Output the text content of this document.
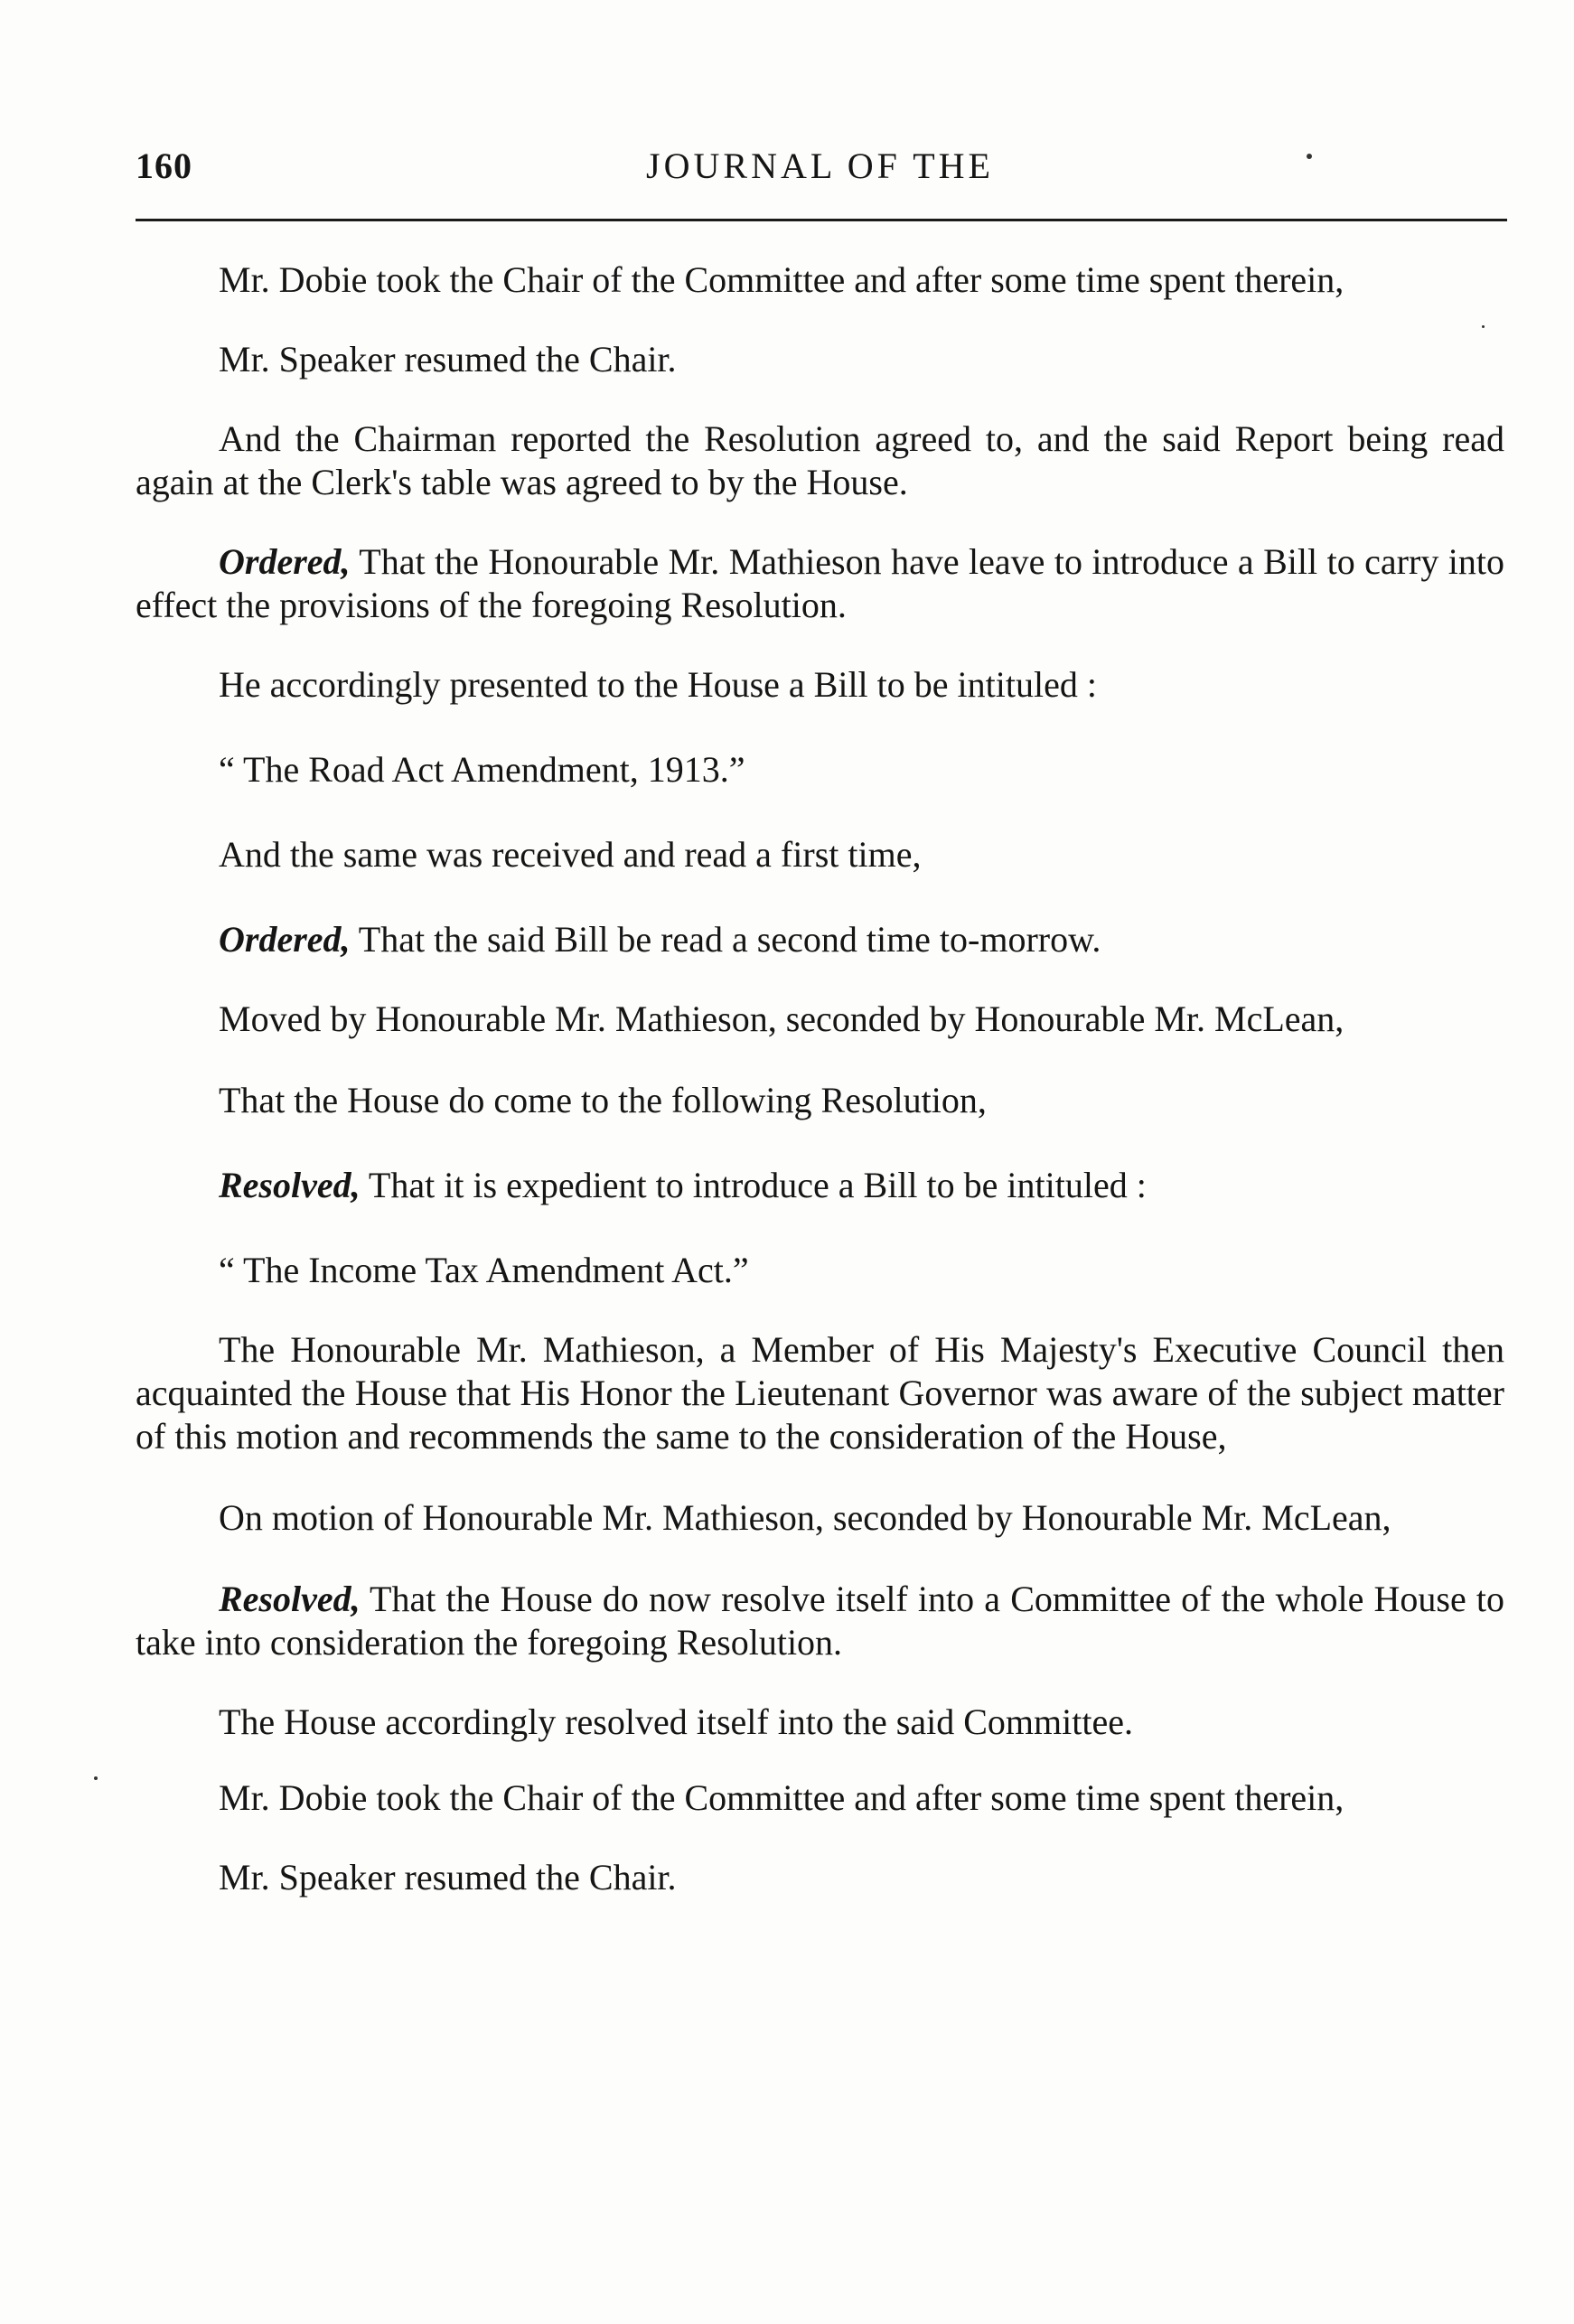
160	JOURNAL OF THE

Mr. Dobie took the Chair of the Committee and after some time spent therein,

Mr. Speaker resumed the Chair.

And the Chairman reported the Resolution agreed to, and the said Report being read again at the Clerk's table was agreed to by the House.

Ordered, That the Honourable Mr. Mathieson have leave to introduce a Bill to carry into effect the provisions of the foregoing Resolution.

He accordingly presented to the House a Bill to be intituled :

“ The Road Act Amendment, 1913.”

And the same was received and read a first time,

Ordered, That the said Bill be read a second time to-morrow.

Moved by Honourable Mr. Mathieson, seconded by Honourable Mr. McLean,

That the House do come to the following Resolution,

Resolved, That it is expedient to introduce a Bill to be intituled :

“ The Income Tax Amendment Act.”

The Honourable Mr. Mathieson, a Member of His Majesty's Executive Council then acquainted the House that His Honor the Lieutenant Governor was aware of the subject matter of this motion and recommends the same to the consideration of the House,

On motion of Honourable Mr. Mathieson, seconded by Honourable Mr. McLean,

Resolved, That the House do now resolve itself into a Committee of the whole House to take into consideration the foregoing Resolution.

The House accordingly resolved itself into the said Committee.

Mr. Dobie took the Chair of the Committee and after some time spent therein,

Mr. Speaker resumed the Chair.
